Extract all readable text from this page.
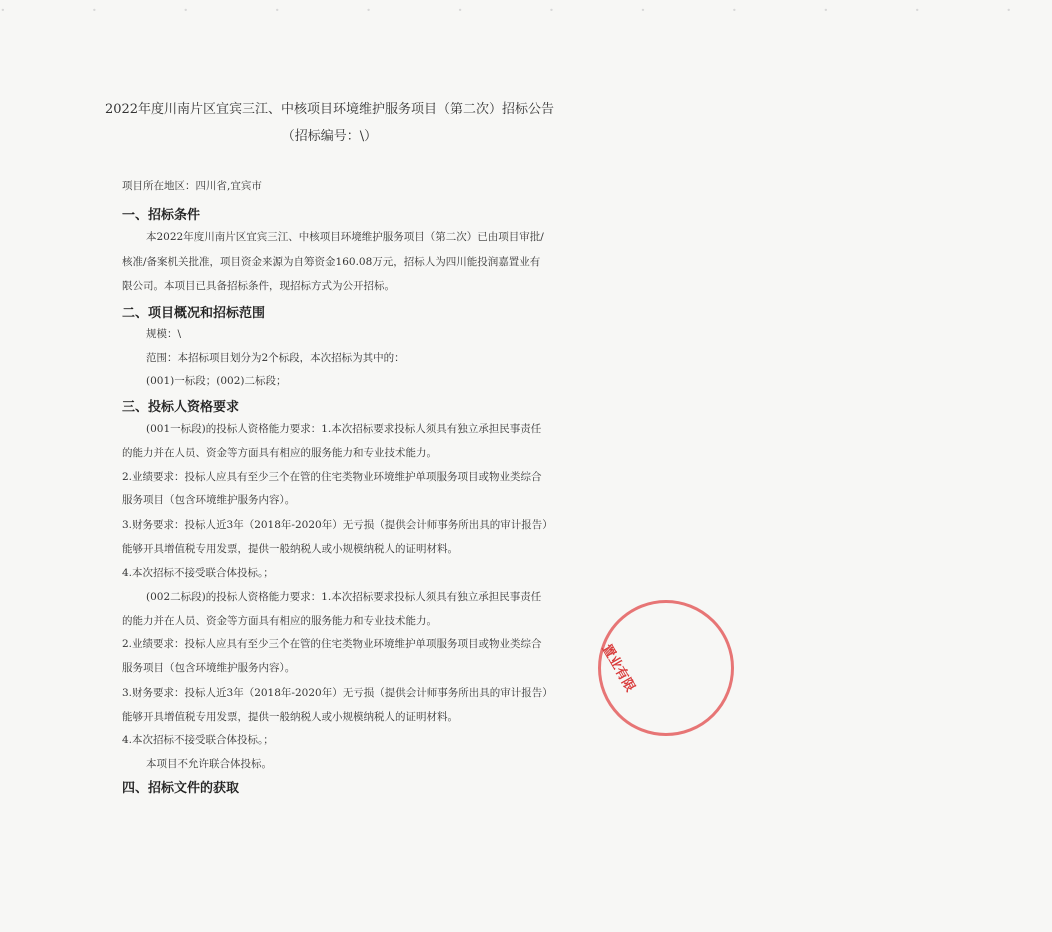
· · · · · · · · · · · ·
2022年度川南片区宜宾三江、中核项目环境维护服务项目（第二次）招标公告
（招标编号：\）
项目所在地区：四川省,宜宾市
一、招标条件
本2022年度川南片区宜宾三江、中核项目环境维护服务项目（第二次）已由项目审批/
核准/备案机关批准，项目资金来源为自筹资金160.08万元，招标人为四川能投润嘉置业有
限公司。本项目已具备招标条件，现招标方式为公开招标。
二、项目概况和招标范围
规模：\
范围：本招标项目划分为2个标段，本次招标为其中的：
(001)一标段；(002)二标段；
三、投标人资格要求
(001一标段)的投标人资格能力要求：1.本次招标要求投标人须具有独立承担民事责任
的能力并在人员、资金等方面具有相应的服务能力和专业技术能力。
2.业绩要求：投标人应具有至少三个在管的住宅类物业环境维护单项服务项目或物业类综合
服务项目（包含环境维护服务内容）。
3.财务要求：投标人近3年（2018年-2020年）无亏损（提供会计师事务所出具的审计报告）
能够开具增值税专用发票，提供一般纳税人或小规模纳税人的证明材料。
4.本次招标不接受联合体投标。；
(002二标段)的投标人资格能力要求：1.本次招标要求投标人须具有独立承担民事责任
的能力并在人员、资金等方面具有相应的服务能力和专业技术能力。
2.业绩要求：投标人应具有至少三个在管的住宅类物业环境维护单项服务项目或物业类综合
服务项目（包含环境维护服务内容）。
3.财务要求：投标人近3年（2018年-2020年）无亏损（提供会计师事务所出具的审计报告）
能够开具增值税专用发票，提供一般纳税人或小规模纳税人的证明材料。
4.本次招标不接受联合体投标。；
本项目不允许联合体投标。
四、招标文件的获取
置业有限
